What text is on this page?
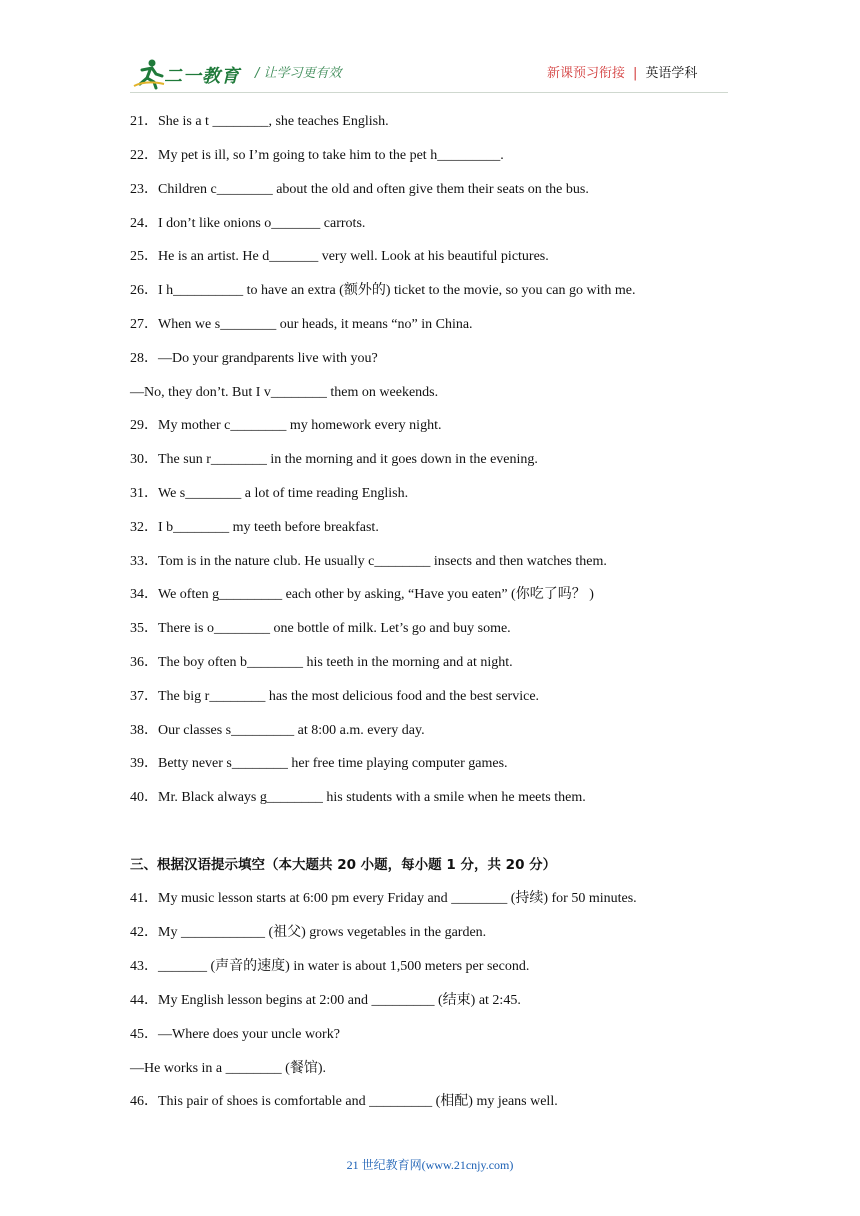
二一教育 / 让学习更有效	新课预习衔接 | 英语学科
21．She is a t ________, she teaches English.
22．My pet is ill, so I’m going to take him to the pet h_________.
23．Children c________ about the old and often give them their seats on the bus.
24．I don’t like onions o_______ carrots.
25．He is an artist. He d_______ very well. Look at his beautiful pictures.
26．I h__________ to have an extra (额外的) ticket to the movie, so you can go with me.
27．When we s________ our heads, it means “no” in China.
28．—Do your grandparents live with you?
—No, they don’t. But I v________ them on weekends.
29．My mother c________ my homework every night.
30．The sun r________ in the morning and it goes down in the evening.
31．We s________ a lot of time reading English.
32．I b________ my teeth before breakfast.
33．Tom is in the nature club. He usually c________ insects and then watches them.
34．We often g_________ each other by asking, “Have you eaten” (你吃了吗？ )
35．There is o________ one bottle of milk. Let’s go and buy some.
36．The boy often b________ his teeth in the morning and at night.
37．The big r________ has the most delicious food and the best service.
38．Our classes s_________ at 8:00 a.m. every day.
39．Betty never s________ her free time playing computer games.
40．Mr. Black always g________ his students with a smile when he meets them.
三、根据汉语提示填空（本大题共 20 小题，每小题 1 分，共 20 分）
41．My music lesson starts at 6:00 pm every Friday and ________ (持续) for 50 minutes.
42．My ____________ (祖父) grows vegetables in the garden.
43．_______ (声音的速度) in water is about 1,500 meters per second.
44．My English lesson begins at 2:00 and _________ (结束) at 2:45.
45．—Where does your uncle work?
—He works in a ________ (餐馆).
46．This pair of shoes is comfortable and _________ (相配) my jeans well.
21 世纪教育网(www.21cnjy.com)
